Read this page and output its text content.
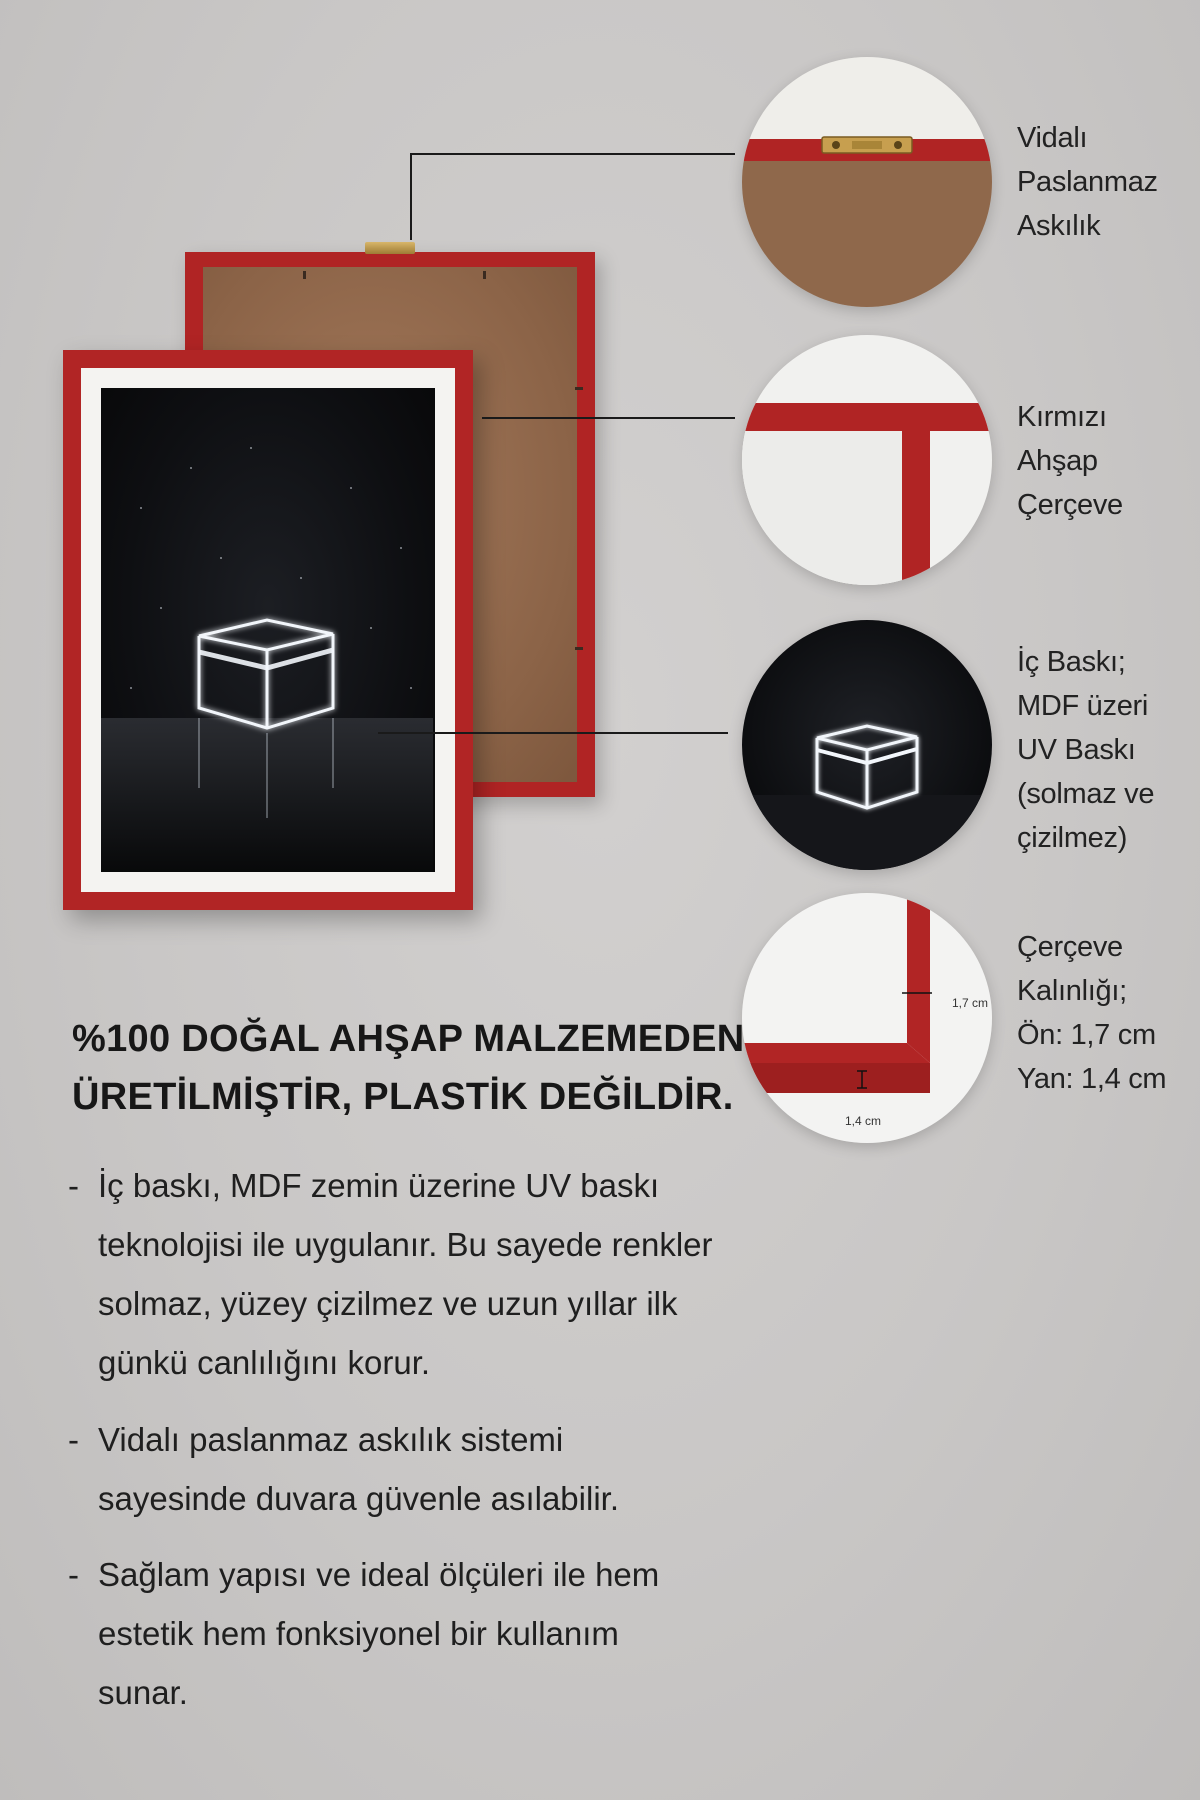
1,7 cm
1,4 cm
Vidalı
Paslanmaz
Askılık
Kırmızı
Ahşap
Çerçeve
İç Baskı;
MDF üzeri
UV Baskı
(solmaz ve
çizilmez)
Çerçeve
Kalınlığı;
Ön: 1,7 cm
Yan: 1,4 cm
%100 DOĞAL AHŞAP MALZEMEDEN
ÜRETİLMİŞTİR, PLASTİK DEĞİLDİR.
- İç baskı, MDF zemin üzerine UV baskı
teknolojisi ile uygulanır. Bu sayede renkler
solmaz, yüzey çizilmez ve uzun yıllar ilk
günkü canlılığını korur.
- Vidalı paslanmaz askılık sistemi
sayesinde duvara güvenle asılabilir.
- Sağlam yapısı ve ideal ölçüleri ile hem
estetik hem fonksiyonel bir kullanım
sunar.
